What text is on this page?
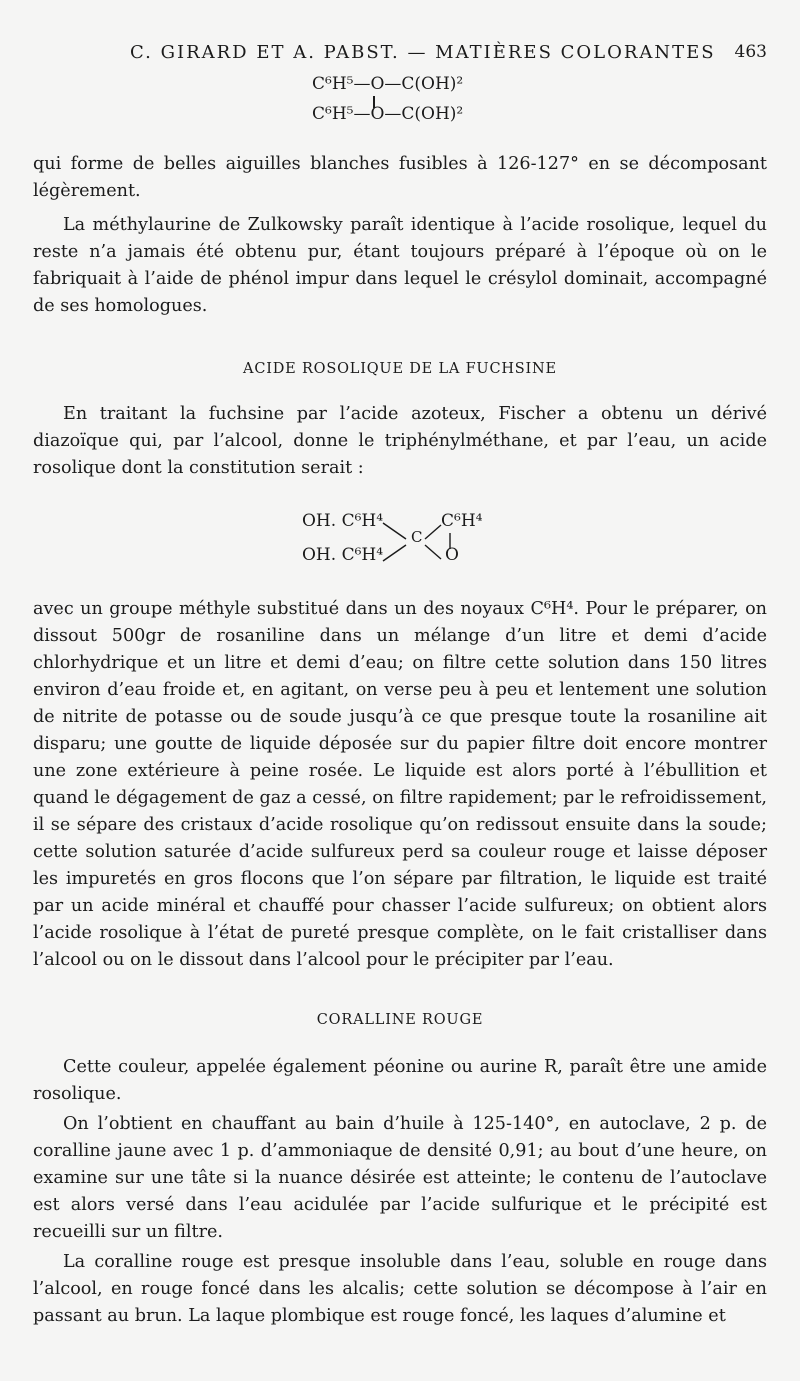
C. GIRARD ET A. PABST. — MATIÈRES COLORANTES 463
C⁶H⁵—O—C(OH)²
C⁶H⁵—O—C(OH)²

qui forme de belles aiguilles blanches fusibles à 126-127° en se décomposant légèrement.

La méthylaurine de Zulkowsky paraît identique à l’acide rosolique, lequel du reste n’a jamais été obtenu pur, étant toujours préparé à l’époque où on le fabriquait à l’aide de phénol impur dans lequel le crésylol dominait, accompagné de ses homologues.

ACIDE ROSOLIQUE DE LA FUCHSINE

En traitant la fuchsine par l’acide azoteux, Fischer a obtenu un dérivé diazoïque qui, par l’alcool, donne le triphénylméthane, et par l’eau, un acide rosolique dont la constitution serait :

OH. C⁶H⁴
OH. C⁶H⁴
C
C⁶H⁴
O

avec un groupe méthyle substitué dans un des noyaux C⁶H⁴. Pour le préparer, on dissout 500gr de rosaniline dans un mélange d’un litre et demi d’acide chlorhydrique et un litre et demi d’eau; on filtre cette solution dans 150 litres environ d’eau froide et, en agitant, on verse peu à peu et lentement une solution de nitrite de potasse ou de soude jusqu’à ce que presque toute la rosaniline ait disparu; une goutte de liquide déposée sur du papier filtre doit encore montrer une zone extérieure à peine rosée. Le liquide est alors porté à l’ébullition et quand le dégagement de gaz a cessé, on filtre rapidement; par le refroidissement, il se sépare des cristaux d’acide rosolique qu’on redissout ensuite dans la soude; cette solution saturée d’acide sulfureux perd sa couleur rouge et laisse déposer les impuretés en gros flocons que l’on sépare par filtration, le liquide est traité par un acide minéral et chauffé pour chasser l’acide sulfureux; on obtient alors l’acide rosolique à l’état de pureté presque complète, on le fait cristalliser dans l’alcool ou on le dissout dans l’alcool pour le précipiter par l’eau.

CORALLINE ROUGE

Cette couleur, appelée également péonine ou aurine R, paraît être une amide rosolique.

On l’obtient en chauffant au bain d’huile à 125-140°, en autoclave, 2 p. de coralline jaune avec 1 p. d’ammoniaque de densité 0,91; au bout d’une heure, on examine sur une tâte si la nuance désirée est atteinte; le contenu de l’autoclave est alors versé dans l’eau acidulée par l’acide sulfurique et le précipité est recueilli sur un filtre.

La coralline rouge est presque insoluble dans l’eau, soluble en rouge dans l’alcool, en rouge foncé dans les alcalis; cette solution se décompose à l’air en passant au brun. La laque plombique est rouge foncé, les laques d’alumine et
